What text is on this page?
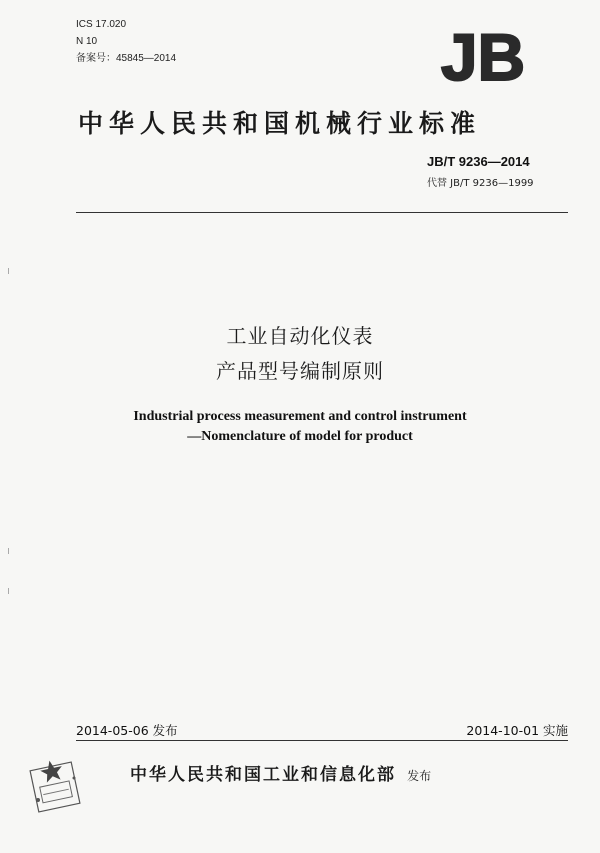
ICS 17.020
N 10
备案号：45845—2014	JB
中华人民共和国机械行业标准
JB/T 9236—2014
代替 JB/T 9236—1999
工业自动化仪表
产品型号编制原则
Industrial process measurement and control instrument
—Nomenclature of model for product
2014-05-06 发布	2014-10-01 实施
中华人民共和国工业和信息化部 发布
